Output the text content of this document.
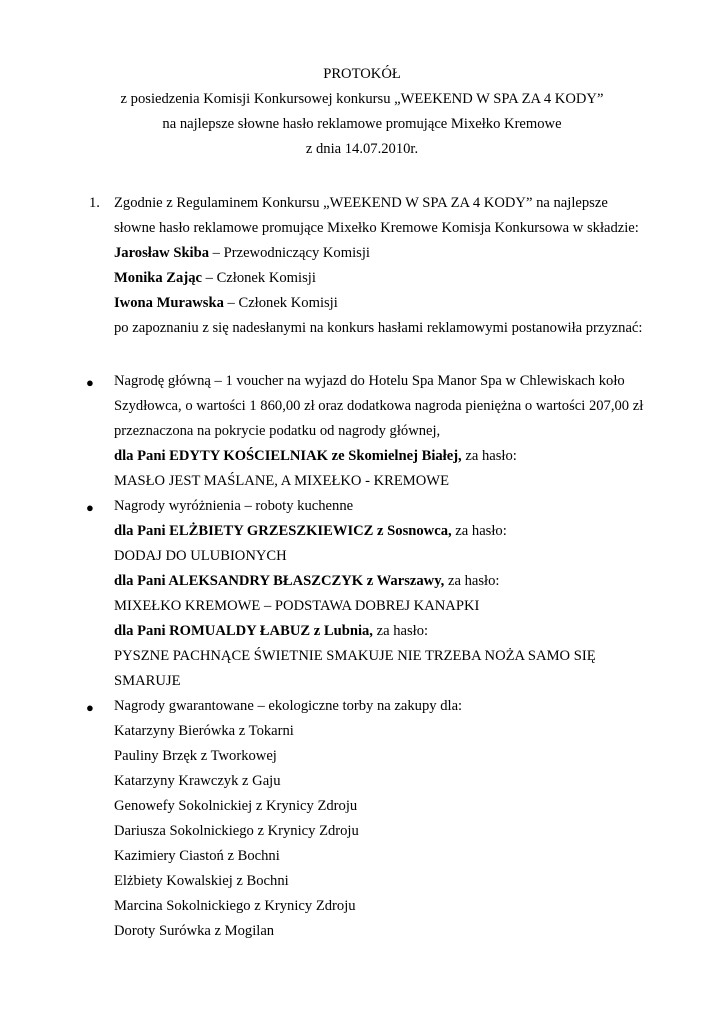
PROTOKÓŁ
z posiedzenia Komisji Konkursowej konkursu „WEEKEND W SPA ZA 4 KODY”
na najlepsze słowne hasło reklamowe promujące Mixełko Kremowe
z dnia 14.07.2010r.
1. Zgodnie z Regulaminem Konkursu „WEEKEND W SPA ZA 4 KODY” na najlepsze
słowne hasło reklamowe promujące Mixełko Kremowe Komisja Konkursowa w składzie:
Jarosław Skiba – Przewodniczący Komisji
Monika Zając – Członek Komisji
Iwona Murawska – Członek Komisji
po zapoznaniu z się nadesłanymi na konkurs hasłami reklamowymi postanowiła przyznać:
● Nagrodę główną – 1 voucher na wyjazd do Hotelu Spa Manor Spa w Chlewiskach koło
Szydłowca, o wartości 1 860,00 zł oraz dodatkowa nagroda pieniężna o wartości 207,00 zł
przeznaczona na pokrycie podatku od nagrody głównej,
dla Pani EDYTY KOŚCIELNIAK ze Skomielnej Białej, za hasło:
MASŁO JEST MAŚLANE, A MIXEŁKO - KREMOWE
● Nagrody wyróżnienia – roboty kuchenne
dla Pani ELŻBIETY GRZESZKIEWICZ z Sosnowca, za hasło:
DODAJ DO ULUBIONYCH
dla Pani ALEKSANDRY BŁASZCZYK z Warszawy, za hasło:
MIXEŁKO KREMOWE – PODSTAWA DOBREJ KANAPKI
dla Pani ROMUALDY ŁABUZ z Lubnia, za hasło:
PYSZNE PACHNĄCE ŚWIETNIE SMAKUJE NIE TRZEBA NOŻA SAMO SIĘ
SMARUJE
● Nagrody gwarantowane – ekologiczne torby na zakupy dla:
Katarzyny Bierówka z Tokarni
Pauliny Brzęk z Tworkowej
Katarzyny Krawczyk z Gaju
Genowefy Sokolnickiej z Krynicy Zdroju
Dariusza Sokolnickiego z Krynicy Zdroju
Kazimiery Ciastoń z Bochni
Elżbiety Kowalskiej z Bochni
Marcina Sokolnickiego z Krynicy Zdroju
Doroty Surówka z Mogilan
